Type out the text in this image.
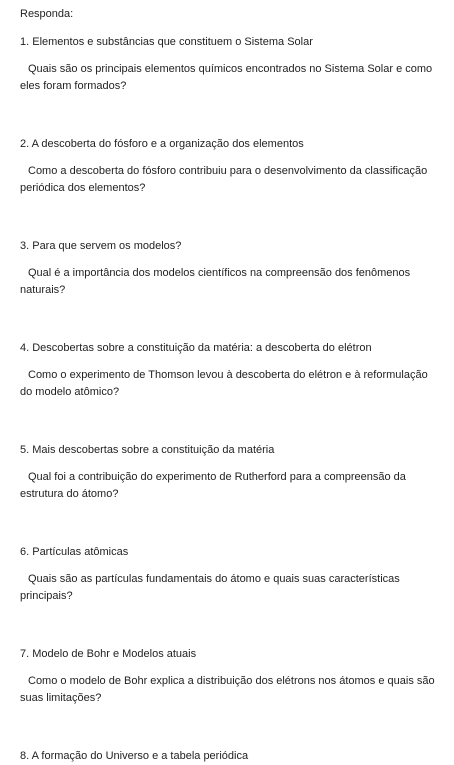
Responda:
1. Elementos e substâncias que constituem o Sistema Solar
Quais são os principais elementos químicos encontrados no Sistema Solar e como eles foram formados?
2. A descoberta do fósforo e a organização dos elementos
Como a descoberta do fósforo contribuiu para o desenvolvimento da classificação periódica dos elementos?
3. Para que servem os modelos?
Qual é a importância dos modelos científicos na compreensão dos fenômenos naturais?
4. Descobertas sobre a constituição da matéria: a descoberta do elétron
Como o experimento de Thomson levou à descoberta do elétron e à reformulação do modelo atômico?
5. Mais descobertas sobre a constituição da matéria
Qual foi a contribuição do experimento de Rutherford para a compreensão da estrutura do átomo?
6. Partículas atômicas
Quais são as partículas fundamentais do átomo e quais suas características principais?
7. Modelo de Bohr e Modelos atuais
Como o modelo de Bohr explica a distribuição dos elétrons nos átomos e quais são suas limitações?
8. A formação do Universo e a tabela periódica
